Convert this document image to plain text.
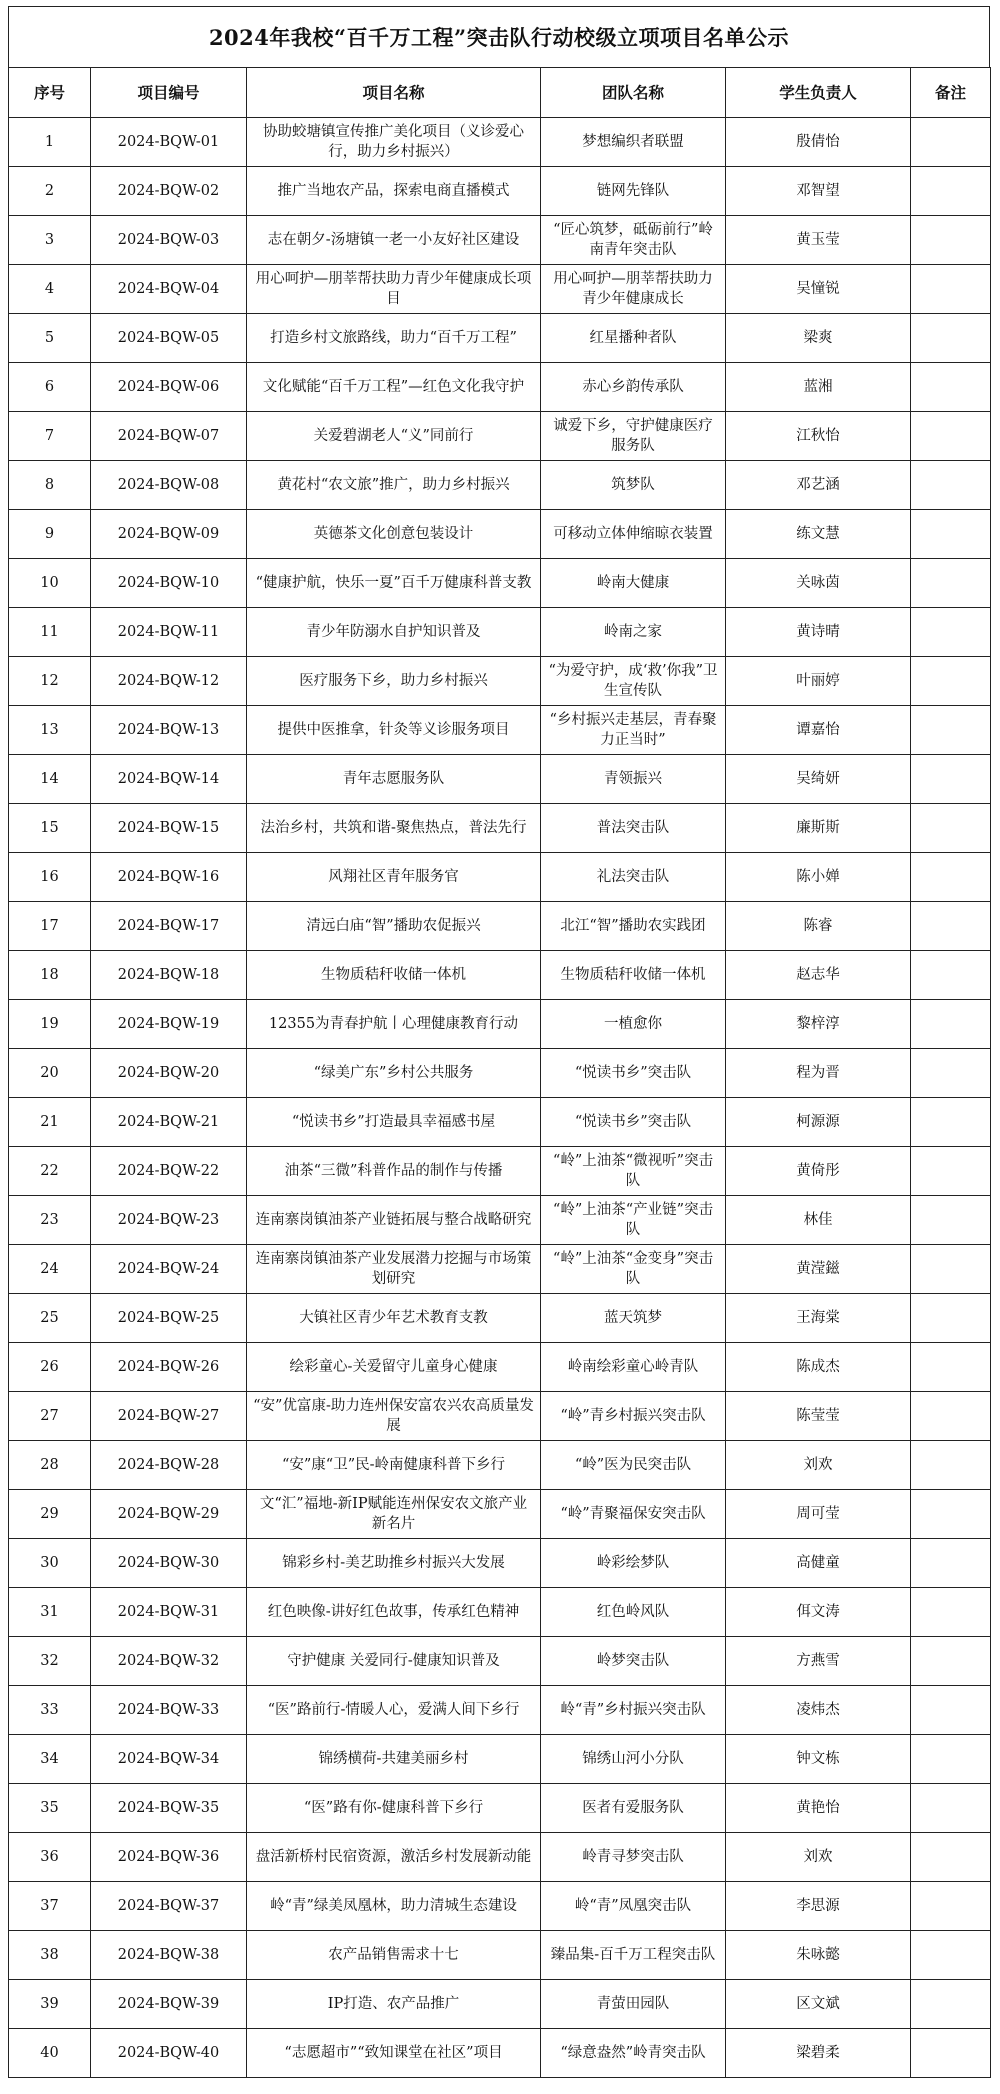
2024年我校“百千万工程”突击队行动校级立项项目名单公示
序号	项目编号	项目名称	团队名称	学生负责人	备注
1	2024-BQW-01	协助蛟塘镇宣传推广美化项目（义诊爱心行，助力乡村振兴）	梦想编织者联盟	殷倩怡	
2	2024-BQW-02	推广当地农产品，探索电商直播模式	链网先锋队	邓智望	
3	2024-BQW-03	志在朝夕-汤塘镇一老一小友好社区建设	“匠心筑梦，砥砺前行”岭南青年突击队	黄玉莹	
4	2024-BQW-04	用心呵护—朋莘帮扶助力青少年健康成长项目	用心呵护—朋莘帮扶助力青少年健康成长	吴憧锐	
5	2024-BQW-05	打造乡村文旅路线，助力“百千万工程”	红星播种者队	梁爽	
6	2024-BQW-06	文化赋能“百千万工程”—红色文化我守护	赤心乡韵传承队	蓝湘	
7	2024-BQW-07	关爱碧湖老人“义”同前行	诚爱下乡，守护健康医疗服务队	江秋怡	
8	2024-BQW-08	黄花村“农文旅”推广，助力乡村振兴	筑梦队	邓艺涵	
9	2024-BQW-09	英德茶文化创意包装设计	可移动立体伸缩晾衣装置	练文慧	
10	2024-BQW-10	“健康护航，快乐一夏”百千万健康科普支教	岭南大健康	关咏茵	
11	2024-BQW-11	青少年防溺水自护知识普及	岭南之家	黄诗晴	
12	2024-BQW-12	医疗服务下乡，助力乡村振兴	“为爱守护，成‘救’你我”卫生宣传队	叶丽婷	
13	2024-BQW-13	提供中医推拿，针灸等义诊服务项目	“乡村振兴走基层，青春聚力正当时”	谭嘉怡	
14	2024-BQW-14	青年志愿服务队	青领振兴	吴绮妍	
15	2024-BQW-15	法治乡村，共筑和谐-聚焦热点，普法先行	普法突击队	廉斯斯	
16	2024-BQW-16	风翔社区青年服务官	礼法突击队	陈小婵	
17	2024-BQW-17	清远白庙“智”播助农促振兴	北江“智”播助农实践团	陈睿	
18	2024-BQW-18	生物质秸秆收储一体机	生物质秸秆收储一体机	赵志华	
19	2024-BQW-19	12355为青春护航丨心理健康教育行动	一植愈你	黎梓淳	
20	2024-BQW-20	“绿美广东”乡村公共服务	“悦读书乡”突击队	程为晋	
21	2024-BQW-21	“悦读书乡”打造最具幸福感书屋	“悦读书乡”突击队	柯源源	
22	2024-BQW-22	油茶“三微”科普作品的制作与传播	“岭”上油茶“微视听”突击队	黄倚彤	
23	2024-BQW-23	连南寨岗镇油茶产业链拓展与整合战略研究	“岭”上油茶“产业链”突击队	林佳	
24	2024-BQW-24	连南寨岗镇油茶产业发展潜力挖掘与市场策划研究	“岭”上油茶“金变身”突击队	黄滢鎡	
25	2024-BQW-25	大镇社区青少年艺术教育支教	蓝天筑梦	王海棠	
26	2024-BQW-26	绘彩童心-关爱留守儿童身心健康	岭南绘彩童心岭青队	陈成杰	
27	2024-BQW-27	“安”优富康-助力连州保安富农兴农高质量发展	“岭”青乡村振兴突击队	陈莹莹	
28	2024-BQW-28	“安”康“卫”民-岭南健康科普下乡行	“岭”医为民突击队	刘欢	
29	2024-BQW-29	文“汇”福地-新IP赋能连州保安农文旅产业新名片	“岭”青聚福保安突击队	周可莹	
30	2024-BQW-30	锦彩乡村-美艺助推乡村振兴大发展	岭彩绘梦队	高健童	
31	2024-BQW-31	红色映像-讲好红色故事，传承红色精神	红色岭风队	佴文涛	
32	2024-BQW-32	守护健康 关爱同行-健康知识普及	岭梦突击队	方燕雪	
33	2024-BQW-33	“医”路前行-情暖人心，爱满人间下乡行	岭“青”乡村振兴突击队	凌炜杰	
34	2024-BQW-34	锦绣横荷-共建美丽乡村	锦绣山河小分队	钟文栋	
35	2024-BQW-35	“医”路有你-健康科普下乡行	医者有爱服务队	黄艳怡	
36	2024-BQW-36	盘活新桥村民宿资源，激活乡村发展新动能	岭青寻梦突击队	刘欢	
37	2024-BQW-37	岭“青”绿美凤凰林，助力清城生态建设	岭“青”凤凰突击队	李思源	
38	2024-BQW-38	农产品销售需求十七	臻品集-百千万工程突击队	朱咏懿	
39	2024-BQW-39	IP打造、农产品推广	青萤田园队	区文斌	
40	2024-BQW-40	“志愿超市”“致知课堂在社区”项目	“绿意盎然”岭青突击队	梁碧柔	
